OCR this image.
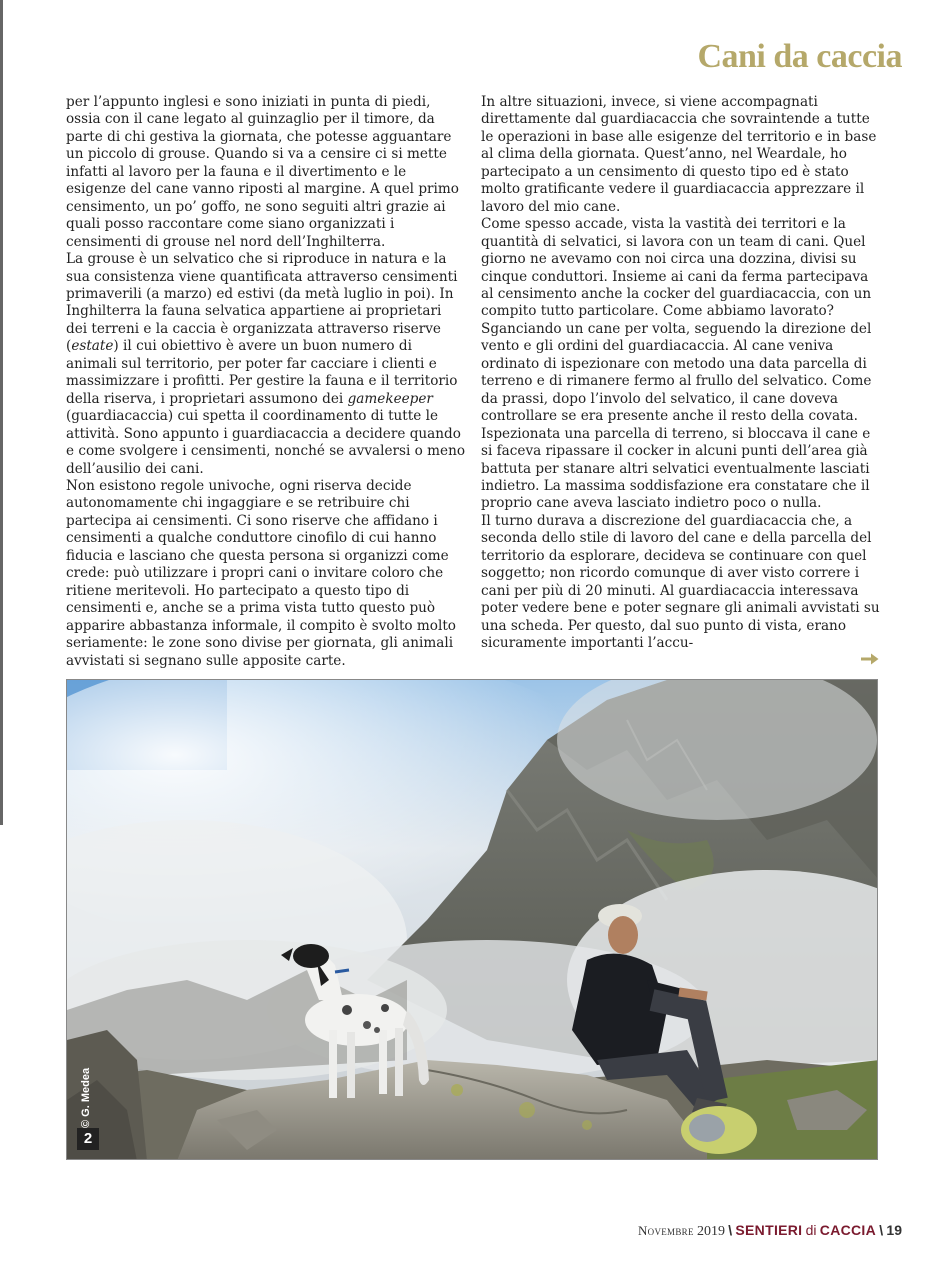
Cani da caccia

per l’appunto inglesi e sono iniziati in punta di piedi, ossia con il cane legato al guinzaglio per il timore, da parte di chi gestiva la giornata, che potesse agguantare un piccolo di grouse. Quando si va a censire ci si mette infatti al lavoro per la fauna e il divertimento e le esigenze del cane vanno riposti al margine. A quel primo censimento, un po’ goffo, ne sono seguiti altri grazie ai quali posso raccontare come siano organizzati i censimenti di grouse nel nord dell’Inghilterra.

La grouse è un selvatico che si riproduce in natura e la sua consistenza viene quantificata attraverso censimenti primaverili (a marzo) ed estivi (da metà luglio in poi). In Inghilterra la fauna selvatica appartiene ai proprietari dei terreni e la caccia è organizzata attraverso riserve (estate) il cui obiettivo è avere un buon numero di animali sul territorio, per poter far cacciare i clienti e massimizzare i profitti. Per gestire la fauna e il territorio della riserva, i proprietari assumono dei gamekeeper (guardiacaccia) cui spetta il coordinamento di tutte le attività. Sono appunto i guardiacaccia a decidere quando e come svolgere i censimenti, nonché se avvalersi o meno dell’ausilio dei cani.

Non esistono regole univoche, ogni riserva decide autonomamente chi ingaggiare e se retribuire chi partecipa ai censimenti. Ci sono riserve che affidano i censimenti a qualche conduttore cinofilo di cui hanno fiducia e lasciano che questa persona si organizzi come crede: può utilizzare i propri cani o invitare coloro che ritiene meritevoli. Ho partecipato a questo tipo di censimenti e, anche se a prima vista tutto questo può apparire abbastanza informale, il compito è svolto molto seriamente: le zone sono divise per giornata, gli animali avvistati si segnano sulle apposite carte.

In altre situazioni, invece, si viene accompagnati direttamente dal guardiacaccia che sovraintende a tutte le operazioni in base alle esigenze del territorio e in base al clima della giornata. Quest’anno, nel Weardale, ho partecipato a un censimento di questo tipo ed è stato molto gratificante vedere il guardiacaccia apprezzare il lavoro del mio cane.

Come spesso accade, vista la vastità dei territori e la quantità di selvatici, si lavora con un team di cani. Quel giorno ne avevamo con noi circa una dozzina, divisi su cinque conduttori. Insieme ai cani da ferma partecipava al censimento anche la cocker del guardiacaccia, con un compito tutto particolare. Come abbiamo lavorato? Sganciando un cane per volta, seguendo la direzione del vento e gli ordini del guardiacaccia. Al cane veniva ordinato di ispezionare con metodo una data parcella di terreno e di rimanere fermo al frullo del selvatico. Come da prassi, dopo l’involo del selvatico, il cane doveva controllare se era presente anche il resto della covata. Ispezionata una parcella di terreno, si bloccava il cane e si faceva ripassare il cocker in alcuni punti dell’area già battuta per stanare altri selvatici eventualmente lasciati indietro. La massima soddisfazione era constatare che il proprio cane aveva lasciato indietro poco o nulla.

Il turno durava a discrezione del guardiacaccia che, a seconda dello stile di lavoro del cane e della parcella del territorio da esplorare, decideva se continuare con quel soggetto; non ricordo comunque di aver visto correre i cani per più di 20 minuti. Al guardiacaccia interessava poter vedere bene e poter segnare gli animali avvistati su una scheda. Per questo, dal suo punto di vista, erano sicuramente importanti l’accu-

© G. Medea
2
Novembre 2019 \ SENTIERI di CACCIA \ 19
